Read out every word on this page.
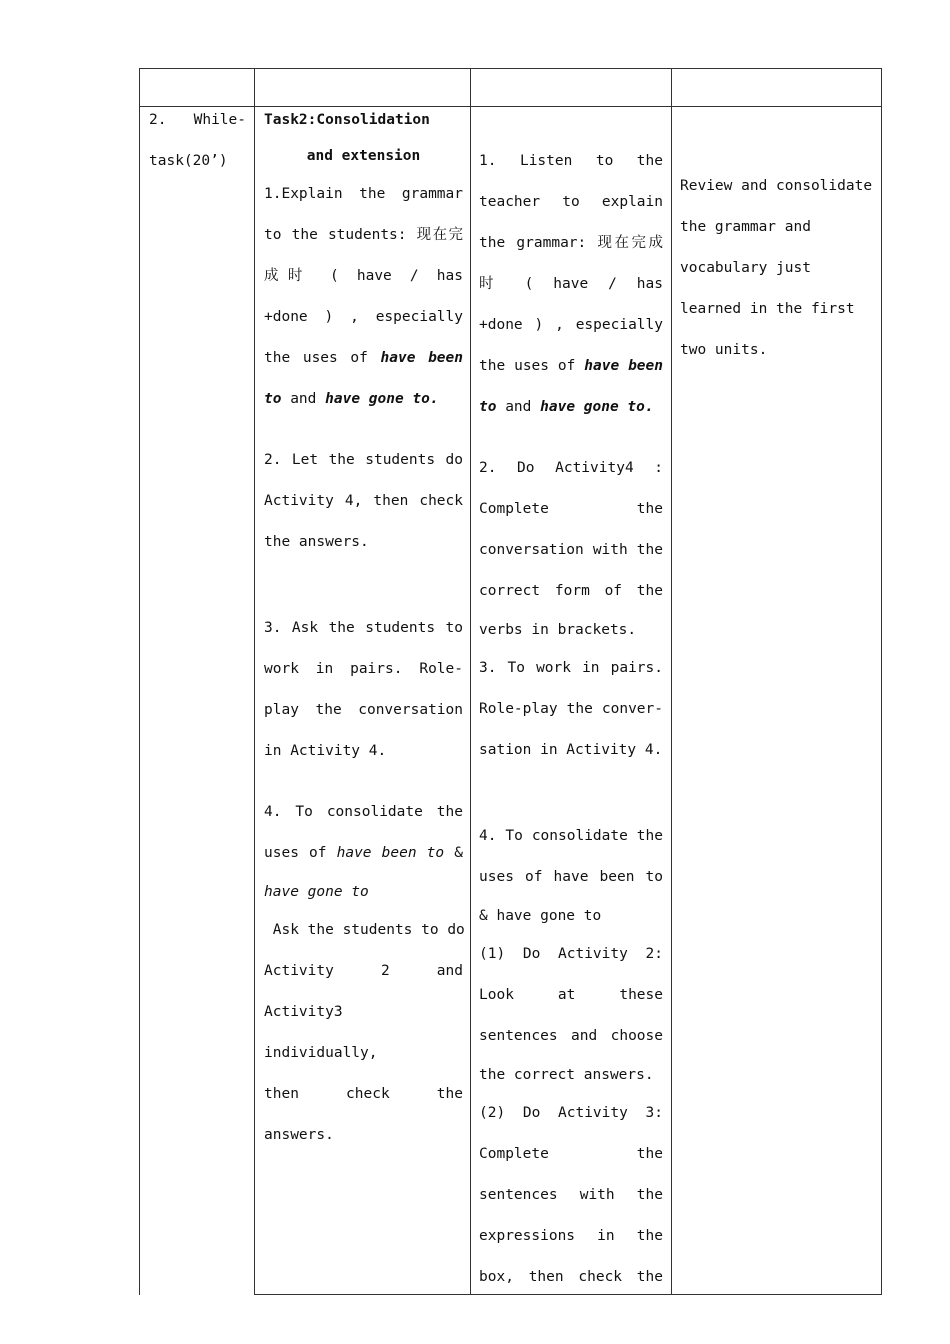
2. While-

task(20’)

Task2:Consolidation

and extension

1.Explain the grammar

to the students: 现在完

成时 ( have / has

+done ) , especially

the uses of have been

to and have gone to.

2. Let the students do

Activity 4, then check

the answers.

3. Ask the students to

work in pairs. Role-

play the conversation

in Activity 4.

4. To consolidate the

uses of have been to &

have gone to

Ask the students to do

Activity 2 and

Activity3 individually,

then check the answers.

1. Listen to the

teacher to explain

the grammar: 现在完成

时 ( have / has

+done ) , especially

the uses of have been

to and have gone to.

2. Do Activity4 :

Complete the

conversation with the

correct form of the

verbs in brackets.

3. To work in pairs.

Role-play the conver-

sation in Activity 4.

4. To consolidate the

uses of have been to

& have gone to

(1) Do Activity 2:

Look at these

sentences and choose

the correct answers.

(2) Do Activity 3:

Complete the

sentences with the

expressions in the

box, then check the

Review and consolidate

the grammar and

vocabulary just

learned in the first

two units.
